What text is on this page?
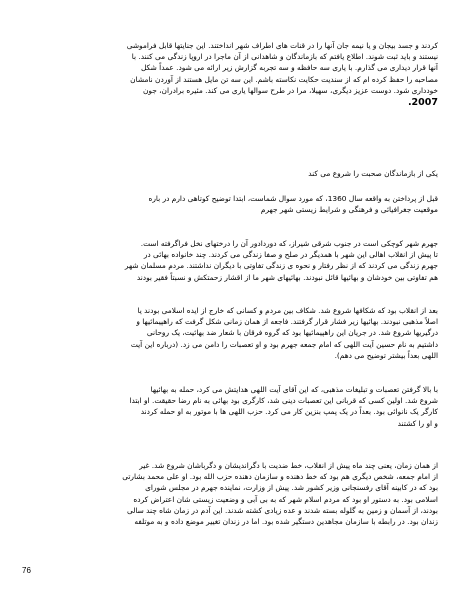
کردند و جسد بیجان و یا نیمه جان آنها را در قنات های اطراف شهر انداختند. این جنایتها قابل فراموشی
نیستند و باید ثبت شوند. اطلاع یافتم که بازماندگان و شاهدانی از آن ماجرا در اروپا زندگی می کنند. با
آنها قرار دیداری می گذارم. با یاری سه حافظه و سه تجربه گزارش زیر ارائه می شود. عمداً شکل
مصاحبه را حفظ کرده ام که از سندیت حکایت نکاسته باشم. این سه تن مایل هستند از آوردن نامشان
خودداری شود. دوست عزیز دیگری، سهیلا، مرا در طرح سوالها یاری می کند. مئیره برادران، جون
2007.
یکی از بازماندگان صحبت را شروع می کند
قبل از پرداختن به واقعه سال 1360، که مورد سوال شماست، ابتدا توضیح کوتاهی دارم در باره
موقعیت جغرافیائی و فرهنگی و شرایط زیستی شهر جهرم
جهرم شهر کوچکی است در جنوب شرقی شیراز، که دوردادور آن را درختهای نخل فراگرفته است.
تا پیش از انقلاب اهالی این شهر با همدیگر در صلح و صفا زندگی می کردند. چند خانواده بهائی در
جهرم زندگی می کردند که از نظر رفتار و نحوه ی زندگی تفاوتی با دیگران نداشتند. مردم مسلمان شهر
هم تفاوتی بین خودشان و بهائیها قائل نبودند. بهائیهای شهر ما از اقشار زحمتکش و نسبتاً فقیر بودند
بعد از انقلاب بود که شکافها شروع شد. شکاف بین مردم و کسانی که خارج از ایده اسلامی بودند یا
اصلاً مذهبی نبودند. بهائیها زیر فشار قرار گرفتند. فاجعه از همان زمانی شکل گرفت که راهپیمائیها و
درگیریها شروع شد. در جریان این راهپیمائیها بود که گروه فرقان با شعار ضد بهائیت، یک روحانی
داشتیم به نام حسین آیت اللهی که امام جمعه جهرم بود و او تعصبات را دامن می زد. (درباره این آیت
اللهی بعداً بیشتر توضیح می دهم).
با بالا گرفتن تعصبات و تبلیغات مذهبی، که این آقای آیت اللهی هدایتش می کرد، حمله به بهائیها
شروع شد. اولین کسی که قربانی این تعصبات دینی شد، کارگری بود بهائی به نام رضا حقیقت. او ابتدا
کارگر یک نانوائی بود. بعداً در یک پمپ بنزین کار می کرد. حزب اللهی ها با موتور به او حمله کردند
و او را کشتند
از همان زمان، یعنی چند ماه پیش از انقلاب، خط ضدیت با دگراندیشان و دگرباشان شروع شد. غیر
از امام جمعه، شخص دیگری هم بود که خط دهنده و سازمان دهنده حزب الله بود. او علی محمد بشارتی
بود که در کابینه آقای رفسنجانی وزیر کشور شد. پیش از وزارت، نماینده جهرم در مجلس شورای
اسلامی بود. به دستور او بود که مردم اسلام شهر که به بی آبی و وضعیت زیستی شان اعتراض کرده
بودند، از آسمان و زمین به گلوله بسته شدند و عده زیادی کشته شدند. این آدم در زمان شاه چند سالی
زندان بود. در رابطه با سازمان مجاهدین دستگیر شده بود. اما در زندان تغییر موضع داده و به موتلفه
76
